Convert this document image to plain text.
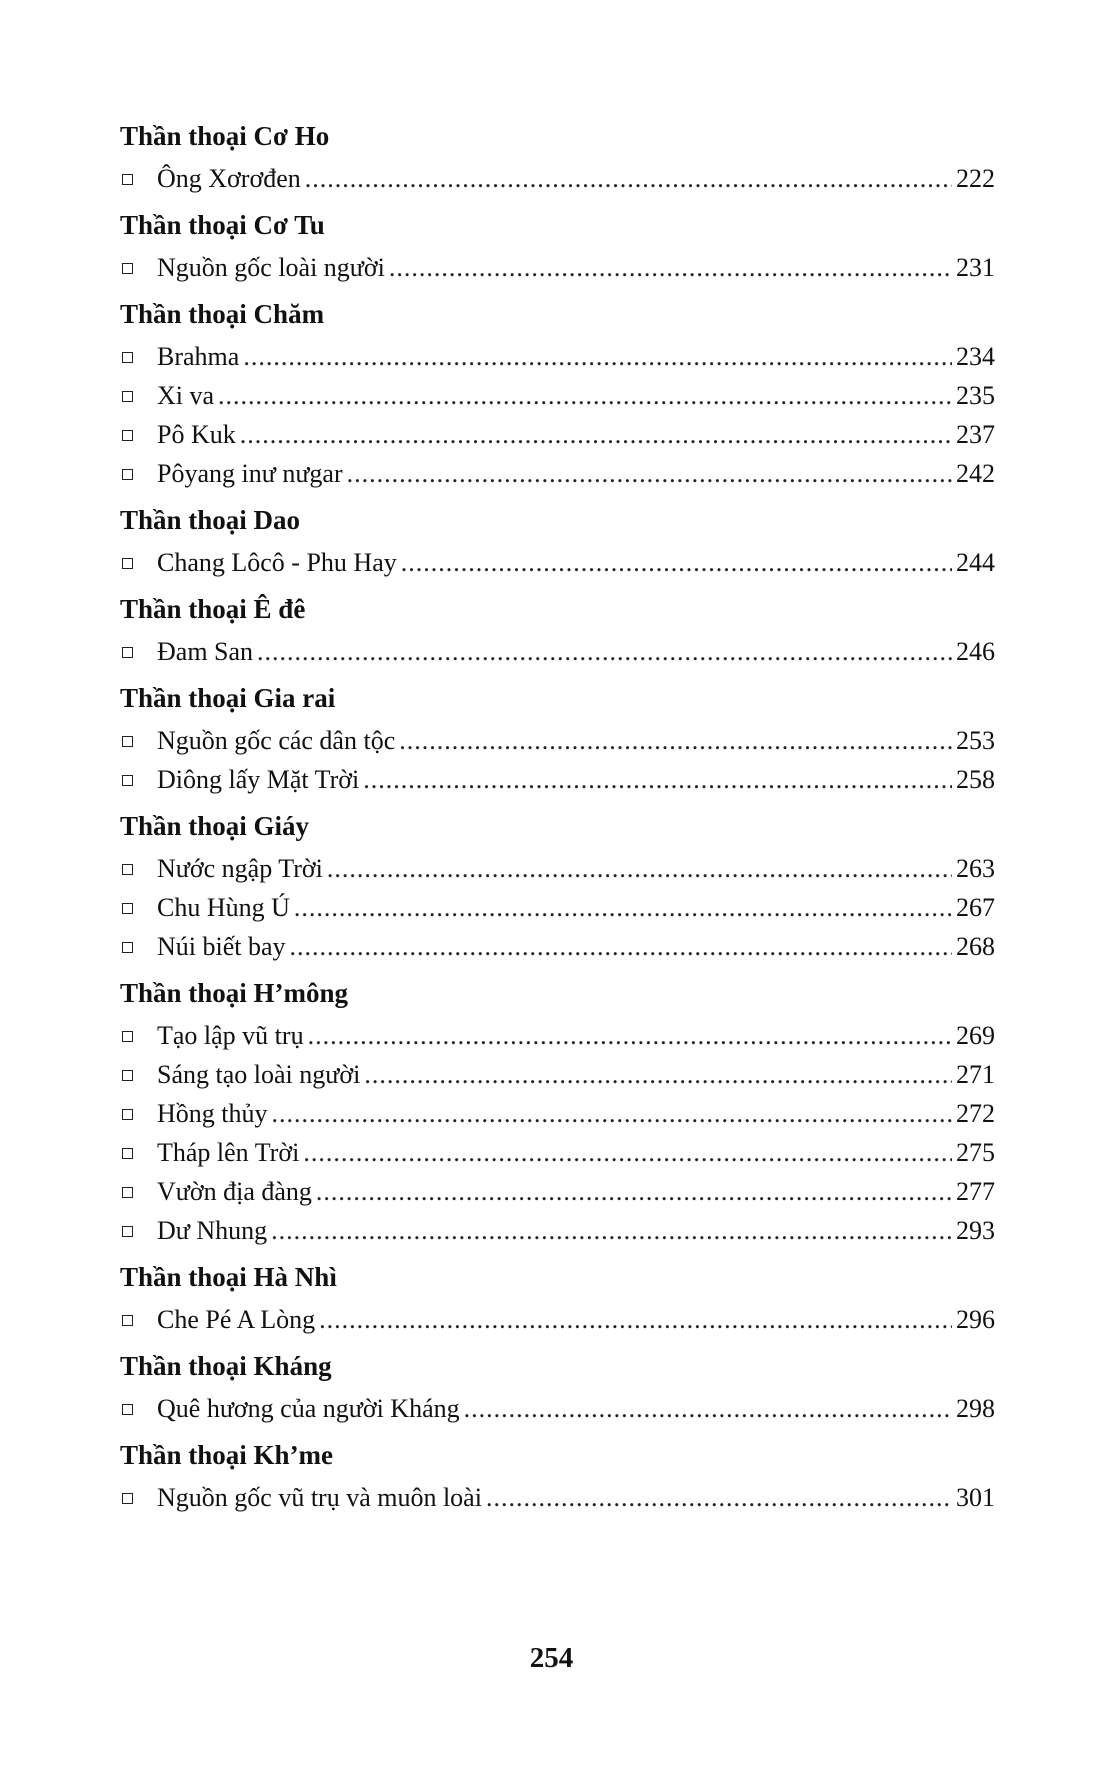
Thần thoại Cơ Ho
Ông Xơrơđen .....	222
Thần thoại Cơ Tu
Nguồn gốc loài người .....	231
Thần thoại Chăm
Brahma .....	234
Xi va .....	235
Pô Kuk .....	237
Pôyang inư nưgar .....	242
Thần thoại Dao
Chang Lôcô - Phu Hay .....	244
Thần thoại Ê đê
Đam San .....	246
Thần thoại Gia rai
Nguồn gốc các dân tộc .....	253
Diông lấy Mặt Trời .....	258
Thần thoại Giáy
Nước ngập Trời .....	263
Chu Hùng Ú .....	267
Núi biết bay .....	268
Thần thoại H’mông
Tạo lập vũ trụ .....	269
Sáng tạo loài người .....	271
Hồng thủy .....	272
Tháp lên Trời .....	275
Vườn địa đàng .....	277
Dư Nhung .....	293
Thần thoại Hà Nhì
Che Pé A Lòng .....	296
Thần thoại Kháng
Quê hương của người Kháng .....	298
Thần thoại Kh’me
Nguồn gốc vũ trụ và muôn loài .....	301
254
